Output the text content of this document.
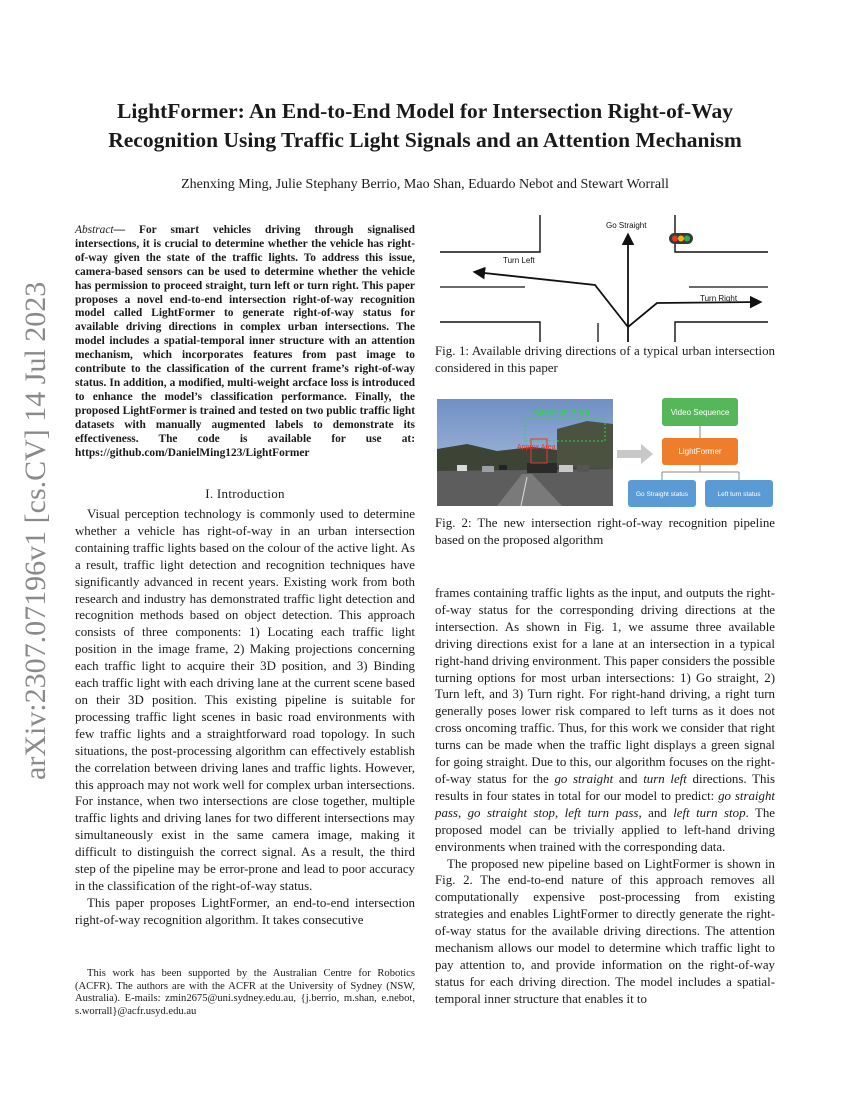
LightFormer: An End-to-End Model for Intersection Right-of-Way
Recognition Using Traffic Light Signals and an Attention Mechanism
Zhenxing Ming, Julie Stephany Berrio, Mao Shan, Eduardo Nebot and Stewart Worrall
arXiv:2307.07196v1 [cs.CV] 14 Jul 2023
Abstract— For smart vehicles driving through signalised intersections, it is crucial to determine whether the vehicle has right-of-way given the state of the traffic lights. To address this issue, camera-based sensors can be used to determine whether the vehicle has permission to proceed straight, turn left or turn right. This paper proposes a novel end-to-end intersection right-of-way recognition model called LightFormer to generate right-of-way status for available driving directions in complex urban intersections. The model includes a spatial-temporal inner structure with an attention mechanism, which incorporates features from past image to contribute to the classification of the current frame’s right-of-way status. In addition, a modified, multi-weight arcface loss is introduced to enhance the model’s classification performance. Finally, the proposed LightFormer is trained and tested on two public traffic light datasets with manually augmented labels to demonstrate its effectiveness. The code is available for use at: https://github.com/DanielMing123/LightFormer
I. Introduction

Visual perception technology is commonly used to determine whether a vehicle has right-of-way in an urban intersection containing traffic lights based on the colour of the active light. As a result, traffic light detection and recognition techniques have significantly advanced in recent years. Existing work from both research and industry has demonstrated traffic light detection and recognition methods based on object detection. This approach consists of three components: 1) Locating each traffic light position in the image frame, 2) Making projections concerning each traffic light to acquire their 3D position, and 3) Binding each traffic light with each driving lane at the current scene based on their 3D position. This existing pipeline is suitable for processing traffic light scenes in basic road environments with few traffic lights and a straightforward road topology. In such situations, the post-processing algorithm can effectively establish the correlation between driving lanes and traffic lights. However, this approach may not work well for complex urban intersections. For instance, when two intersections are close together, multiple traffic lights and driving lanes for two different intersections may simultaneously exist in the same camera image, making it difficult to distinguish the correct signal. As a result, the third step of the pipeline may be error-prone and lead to poor accuracy in the classification of the right-of-way status.

This paper proposes LightFormer, an end-to-end intersection right-of-way recognition algorithm. It takes consecutive

This work has been supported by the Australian Centre for Robotics (ACFR). The authors are with the ACFR at the University of Sydney (NSW, Australia). E-mails: zmin2675@uni.sydney.edu.au, {j.berrio, m.shan, e.nebot, s.worrall}@acfr.usyd.edu.au

Go Straight
Turn Left
Turn Right
Fig. 1: Available driving directions of a typical urban intersection considered in this paper
Attention Area
Approx Area
Video Sequence
LightFormer
Go Straight status	Left turn status
Fig. 2: The new intersection right-of-way recognition pipeline based on the proposed algorithm

frames containing traffic lights as the input, and outputs the right-of-way status for the corresponding driving directions at the intersection. As shown in Fig. 1, we assume three available driving directions exist for a lane at an intersection in a typical right-hand driving environment. This paper considers the possible turning options for most urban intersections: 1) Go straight, 2) Turn left, and 3) Turn right. For right-hand driving, a right turn generally poses lower risk compared to left turns as it does not cross oncoming traffic. Thus, for this work we consider that right turns can be made when the traffic light displays a green signal for going straight. Due to this, our algorithm focuses on the right-of-way status for the go straight and turn left directions. This results in four states in total for our model to predict: go straight pass, go straight stop, left turn pass, and left turn stop. The proposed model can be trivially applied to left-hand driving environments when trained with the corresponding data.

The proposed new pipeline based on LightFormer is shown in Fig. 2. The end-to-end nature of this approach removes all computationally expensive post-processing from existing strategies and enables LightFormer to directly generate the right-of-way status for the available driving directions. The attention mechanism allows our model to determine which traffic light to pay attention to, and provide information on the right-of-way status for each driving direction. The model includes a spatial-temporal inner structure that enables it to
